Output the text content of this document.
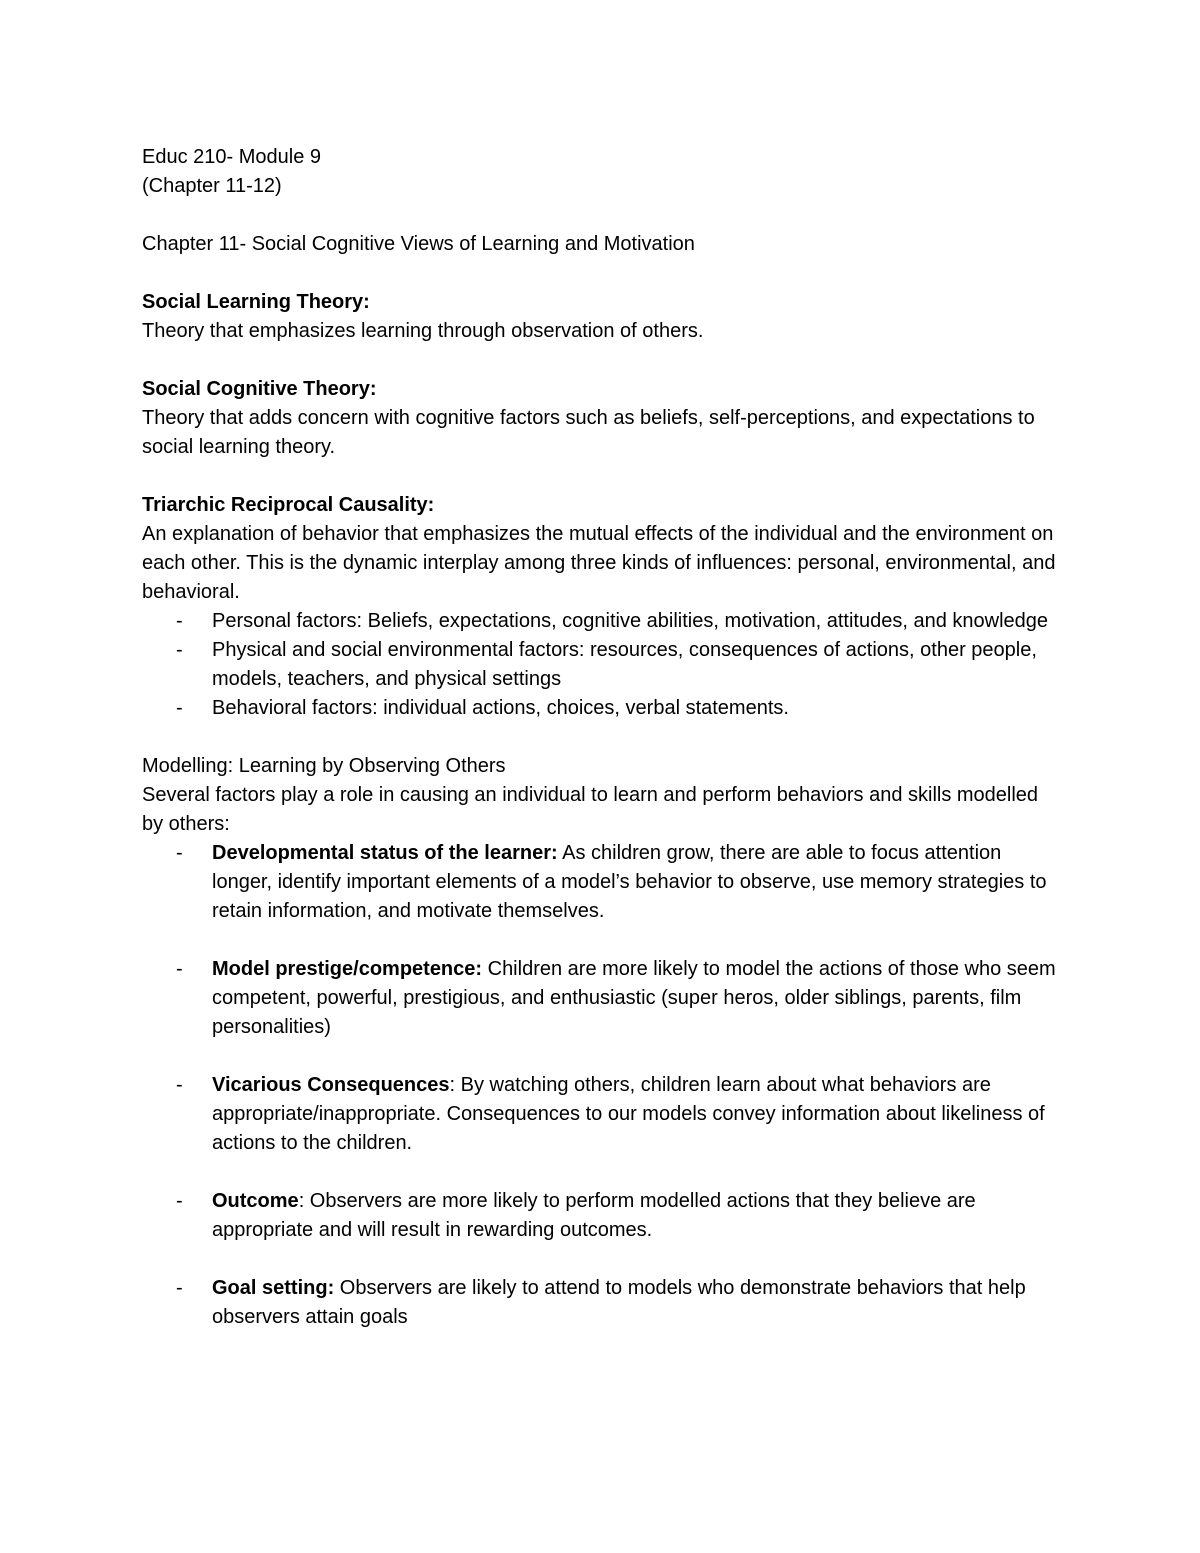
Educ 210- Module 9
(Chapter 11-12)
Chapter 11- Social Cognitive Views of Learning and Motivation
Social Learning Theory:
Theory that emphasizes learning through observation of others.
Social Cognitive Theory:
Theory that adds concern with cognitive factors such as beliefs, self-perceptions, and expectations to social learning theory.
Triarchic Reciprocal Causality:
An explanation of behavior that emphasizes the mutual effects of the individual and the environment on each other. This is the dynamic interplay among three kinds of influences: personal, environmental, and behavioral.
- Personal factors: Beliefs, expectations, cognitive abilities, motivation, attitudes, and knowledge
- Physical and social environmental factors: resources, consequences of actions, other people, models, teachers, and physical settings
- Behavioral factors: individual actions, choices, verbal statements.
Modelling: Learning by Observing Others
Several factors play a role in causing an individual to learn and perform behaviors and skills modelled by others:
- Developmental status of the learner: As children grow, there are able to focus attention longer, identify important elements of a model’s behavior to observe, use memory strategies to retain information, and motivate themselves.
- Model prestige/competence: Children are more likely to model the actions of those who seem competent, powerful, prestigious, and enthusiastic (super heros, older siblings, parents, film personalities)
- Vicarious Consequences: By watching others, children learn about what behaviors are appropriate/inappropriate. Consequences to our models convey information about likeliness of actions to the children.
- Outcome: Observers are more likely to perform modelled actions that they believe are appropriate and will result in rewarding outcomes.
- Goal setting: Observers are likely to attend to models who demonstrate behaviors that help observers attain goals
